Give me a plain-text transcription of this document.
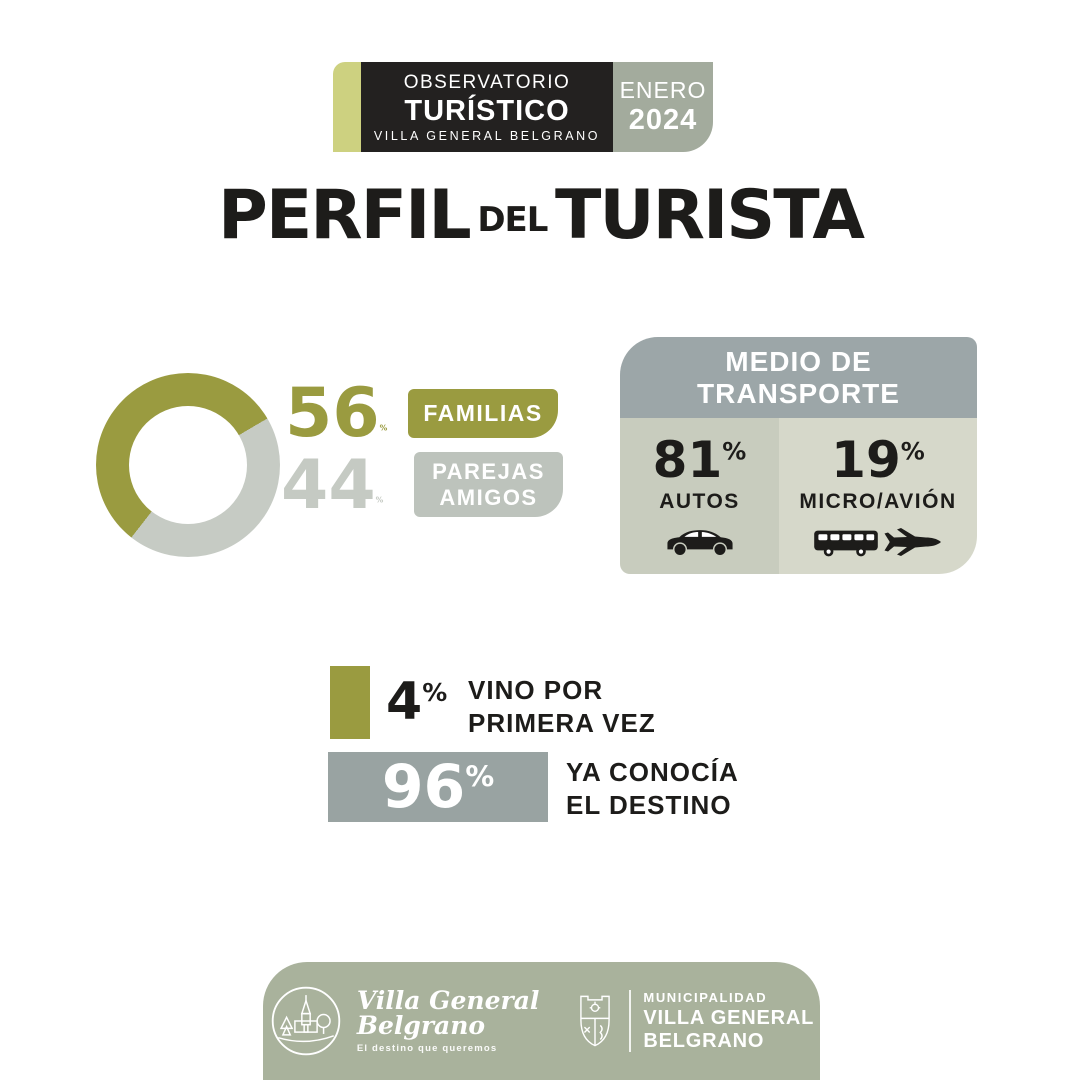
OBSERVATORIO
TURÍSTICO
VILLA GENERAL BELGRANO
ENERO
2024
PERFIL DEL TURISTA
56%
FAMILIAS
44%
PAREJAS
AMIGOS
MEDIO DE
TRANSPORTE
81%
AUTOS
19%
MICRO/AVIÓN
4% VINO POR
PRIMERA VEZ
96%	YA CONOCÍA
EL DESTINO
Villa General
Belgrano
El destino que queremos
MUNICIPALIDAD
VILLA GENERAL
BELGRANO
